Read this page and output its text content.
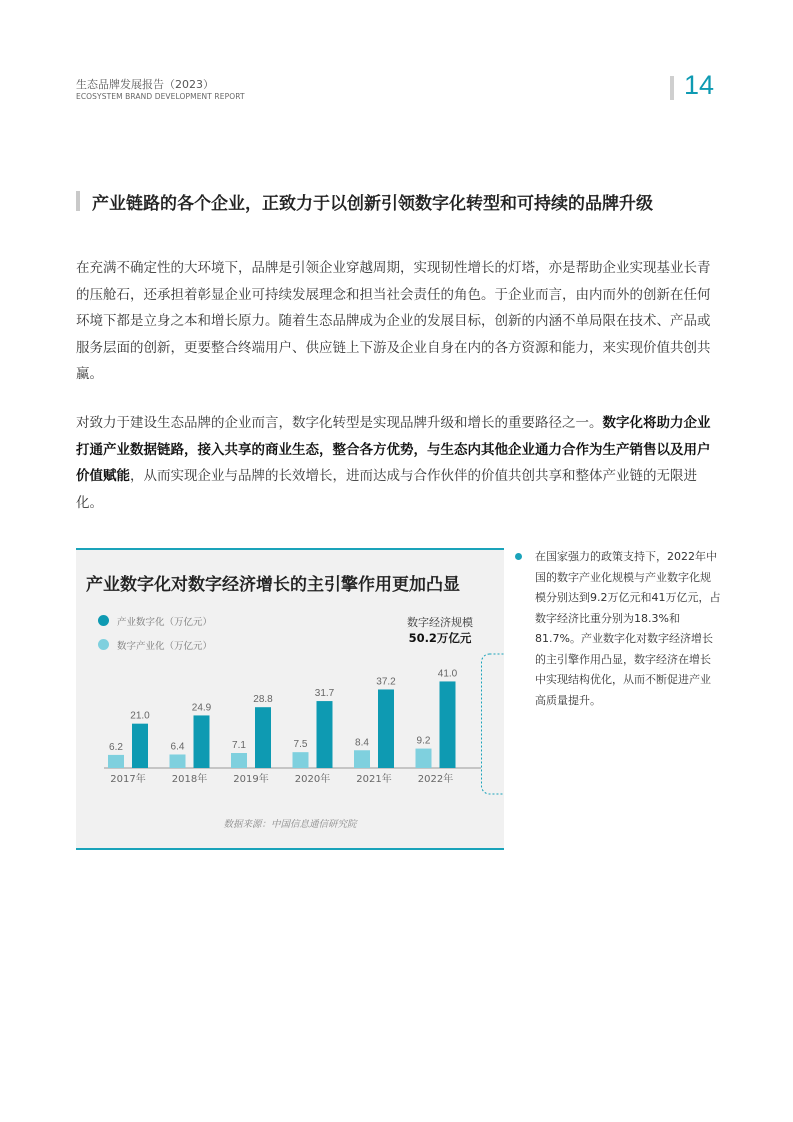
生态品牌发展报告（2023）
ECOSYSTEM BRAND DEVELOPMENT REPORT	14
产业链路的各个企业，正致力于以创新引领数字化转型和可持续的品牌升级

在充满不确定性的大环境下，品牌是引领企业穿越周期，实现韧性增长的灯塔，亦是帮助企业实现基业长青的压舱石，还承担着彰显企业可持续发展理念和担当社会责任的角色。于企业而言，由内而外的创新在任何环境下都是立身之本和增长原力。随着生态品牌成为企业的发展目标，创新的内涵不单局限在技术、产品或服务层面的创新，更要整合终端用户、供应链上下游及企业自身在内的各方资源和能力，来实现价值共创共赢。

对致力于建设生态品牌的企业而言，数字化转型是实现品牌升级和增长的重要路径之一。数字化将助力企业打通产业数据链路，接入共享的商业生态，整合各方优势，与生态内其他企业通力合作为生产销售以及用户价值赋能，从而实现企业与品牌的长效增长，进而达成与合作伙伴的价值共创共享和整体产业链的无限进化。

产业数字化对数字经济增长的主引擎作用更加凸显
产业数字化（万亿元）
数字产业化（万亿元）
数字经济规模
50.2万亿元
6.2
21.0
2017年
6.4
24.9
2018年
7.1
28.8
2019年
7.5
31.7
2020年
8.4
37.2
2021年
9.2
41.0
2022年
数据来源：中国信息通信研究院

在国家强力的政策支持下，2022年中国的数字产业化规模与产业数字化规模分别达到9.2万亿元和41万亿元，占数字经济比重分别为18.3%和81.7%。产业数字化对数字经济增长的主引擎作用凸显，数字经济在增长中实现结构优化，从而不断促进产业高质量提升。
